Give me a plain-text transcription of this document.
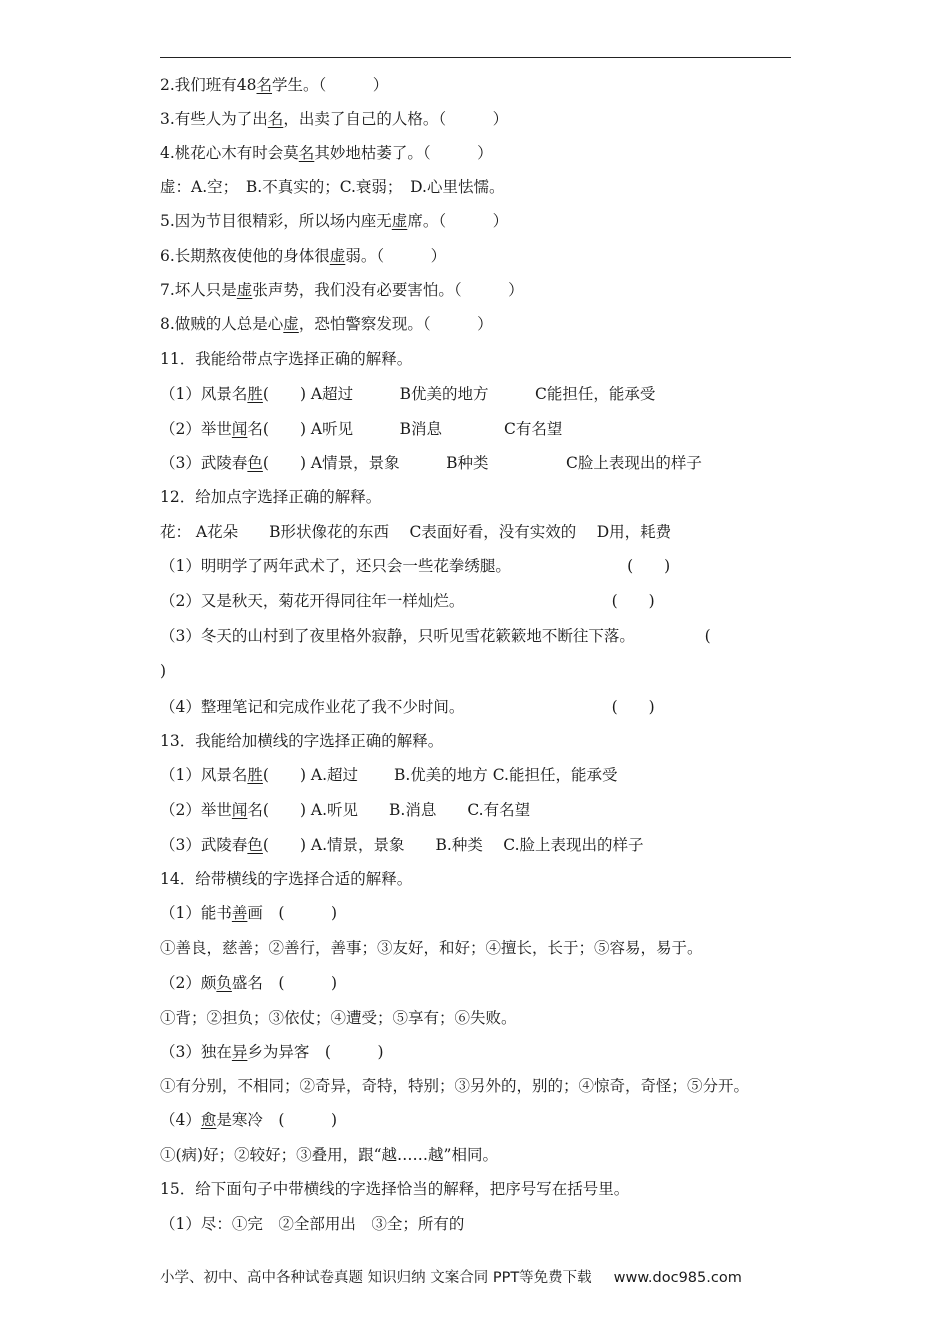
2.我们班有48名学生。（　　　）
3.有些人为了出名，出卖了自己的人格。（　　　）
4.桃花心木有时会莫名其妙地枯萎了。（　　　）
虚：A.空；　B.不真实的；C.衰弱；　D.心里怯懦。
5.因为节目很精彩，所以场内座无虚席。（　　　）
6.长期熬夜使他的身体很虚弱。（　　　）
7.坏人只是虚张声势，我们没有必要害怕。（　　　）
8.做贼的人总是心虚，恐怕警察发现。（　　　）
11．我能给带点字选择正确的解释。
（1）风景名胜(　　) A超过　　　B优美的地方　　　C能担任，能承受
（2）举世闻名(　　) A听见　　　B消息　　　　C有名望
（3）武陵春色(　　) A情景，景象　　　B种类　　　　　C脸上表现出的样子
12．给加点字选择正确的解释。
花： A花朵　　B形状像花的东西　 C表面好看，没有实效的　 D用，耗费
（1）明明学了两年武术了，还只会一些花拳绣腿。　　　　　　　　(　　)
（2）又是秋天，菊花开得同往年一样灿烂。　　　　　　　　　　(　　)
（3）冬天的山村到了夜里格外寂静，只听见雪花簌簌地不断往下落。　　　　　(
)
（4）整理笔记和完成作业花了我不少时间。　　　　　　　　　　(　　)
13．我能给加横线的字选择正确的解释。
（1）风景名胜(　　) A.超过　　 B.优美的地方 C.能担任，能承受
（2）举世闻名(　　) A.听见　　B.消息　　C.有名望
（3）武陵春色(　　) A.情景，景象　　B.种类　 C.脸上表现出的样子
14．给带横线的字选择合适的解释。
（1）能书善画　(　　　)
①善良，慈善；②善行，善事；③友好，和好；④擅长，长于；⑤容易，易于。
（2）颇负盛名　(　　　)
①背；②担负；③依仗；④遭受；⑤享有；⑥失败。
（3）独在异乡为异客　(　　　)
①有分别，不相同；②奇异，奇特，特别；③另外的，别的；④惊奇，奇怪；⑤分开。
（4）愈是寒冷　(　　　)
①(病)好；②较好；③叠用，跟“越……越”相同。
15．给下面句子中带横线的字选择恰当的解释，把序号写在括号里。
（1）尽：①完　②全部用出　③全；所有的
小学、初中、高中各种试卷真题 知识归纳 文案合同 PPT等免费下载 www.doc985.com
